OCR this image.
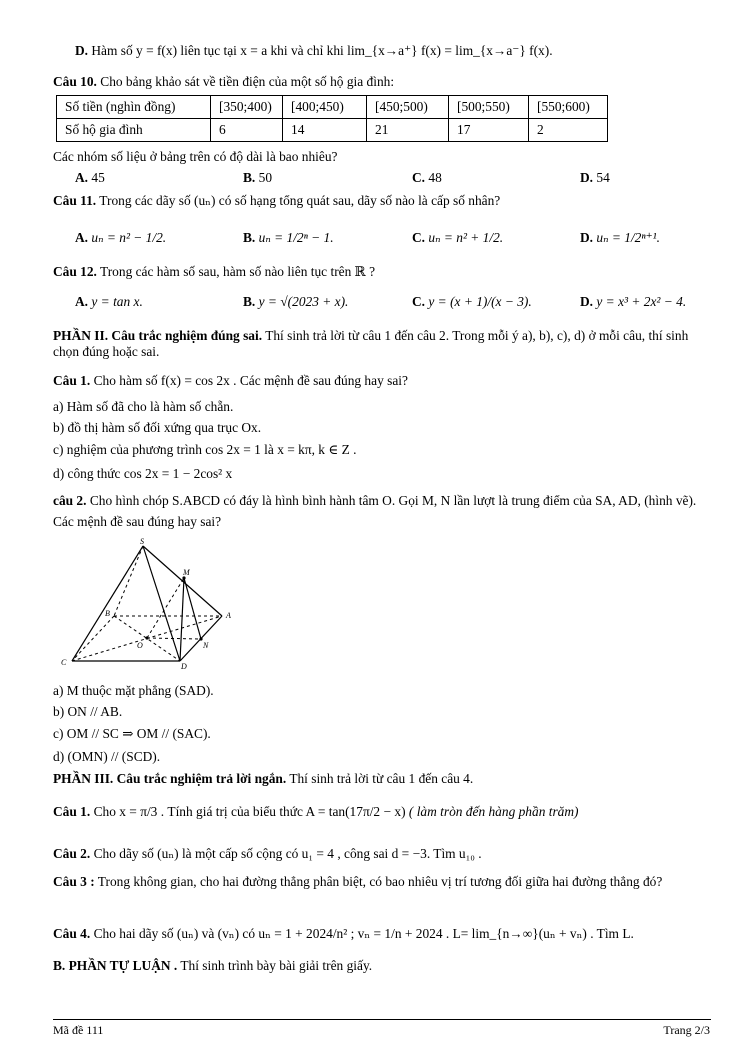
D. Hàm số y = f(x) liên tục tại x = a khi và chỉ khi lim_{x→a⁺} f(x) = lim_{x→a⁻} f(x).
Câu 10. Cho bảng khảo sát về tiền điện của một số hộ gia đình:
Số tiền (nghìn đồng)	[350;400)	[400;450)	[450;500)	[500;550)	[550;600)
Số hộ gia đình	6	14	21	17	2
Các nhóm số liệu ở bảng trên có độ dài là bao nhiêu?
A. 45	B. 50	C. 48	D. 54
Câu 11. Trong các dãy số (uₙ) có số hạng tổng quát sau, dãy số nào là cấp số nhân?
A. uₙ = n² − 1/2.	B. uₙ = 1/2ⁿ − 1.	C. uₙ = n² + 1/2.	D. uₙ = 1/2ⁿ⁺¹.
Câu 12. Trong các hàm số sau, hàm số nào liên tục trên ℝ ?
A. y = tan x.	B. y = √(2023 + x).	C. y = (x + 1)/(x − 3).	D. y = x³ + 2x² − 4.
PHẦN II. Câu trắc nghiệm đúng sai. Thí sinh trả lời từ câu 1 đến câu 2. Trong mỗi ý a), b), c), d) ở mỗi câu, thí sinh chọn đúng hoặc sai.
Câu 1. Cho hàm số f(x) = cos 2x . Các mệnh đề sau đúng hay sai?
a) Hàm số đã cho là hàm số chẵn.
b) đồ thị hàm số đối xứng qua trục Ox.
c) nghiệm của phương trình cos 2x = 1 là x = kπ, k ∈ Z .
d) công thức cos 2x = 1 − 2cos² x
câu 2. Cho hình chóp S.ABCD có đáy là hình bình hành tâm O. Gọi M, N lần lượt là trung điểm của SA, AD, (hình vẽ). Các mệnh đề sau đúng hay sai?
S
M
B	A
O	N
C	D
a) M thuộc mặt phẳng (SAD).
b) ON // AB.
c) OM // SC ⇒ OM // (SAC).
d) (OMN) // (SCD).
PHẦN III. Câu trắc nghiệm trả lời ngắn. Thí sinh trả lời từ câu 1 đến câu 4.
Câu 1. Cho x = π/3 . Tính giá trị của biểu thức A = tan(17π/2 − x) ( làm tròn đến hàng phần trăm)
Câu 2. Cho dãy số (uₙ) là một cấp số cộng có u₁ = 4 , công sai d = −3. Tìm u₁₀ .
Câu 3 : Trong không gian, cho hai đường thẳng phân biệt, có bao nhiêu vị trí tương đối giữa hai đường thẳng đó?
Câu 4. Cho hai dãy số (uₙ) và (vₙ) có uₙ = 1 + 2024/n² ; vₙ = 1/n + 2024 . L= lim_{n→∞}(uₙ + vₙ) . Tìm L.
B. PHẦN TỰ LUẬN . Thí sinh trình bày bài giải trên giấy.
Mã đề 111	Trang 2/3
